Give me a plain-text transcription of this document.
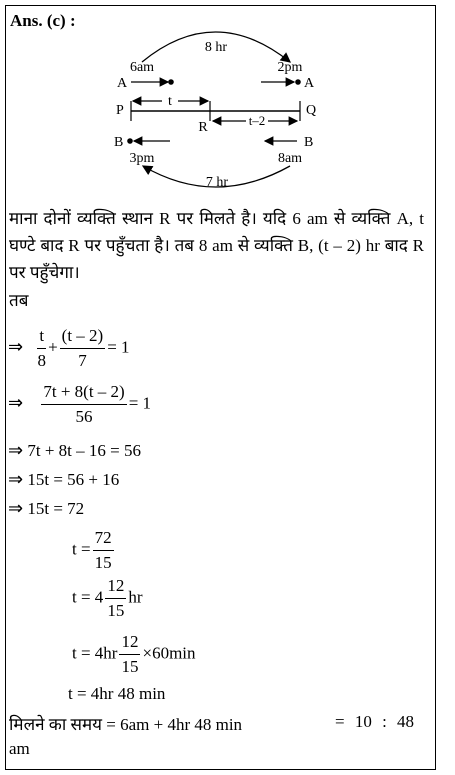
Ans. (c) :
8 hr
7 hr
6am	2pm
3pm	8am
A	A
P	Q
R
B	B
t
t–2
माना दोनों व्यक्ति स्थान R पर मिलते है। यदि 6 am से व्यक्ति A, t घण्टे बाद R पर पहुँचता है। तब 8 am से व्यक्ति B, (t – 2) hr बाद R पर पहुँचेगा।
तब
⇒ $\frac{t}{8} + \frac{(t - 2)}{7} = 1$
⇒ $\frac{7t + 8(t - 2)}{56} = 1$
⇒ 7t + 8t – 16 = 56
⇒ 15t = 56 + 16
⇒ 15t = 72
$t = \frac{72}{15}$
$t = 4 \frac{12}{15}$ hr
$t = 4hr \frac{12}{15} \times 60\min$
t = 4hr 48 min
मिलने का समय = 6am + 4hr 48 min	= 10 : 48
am
